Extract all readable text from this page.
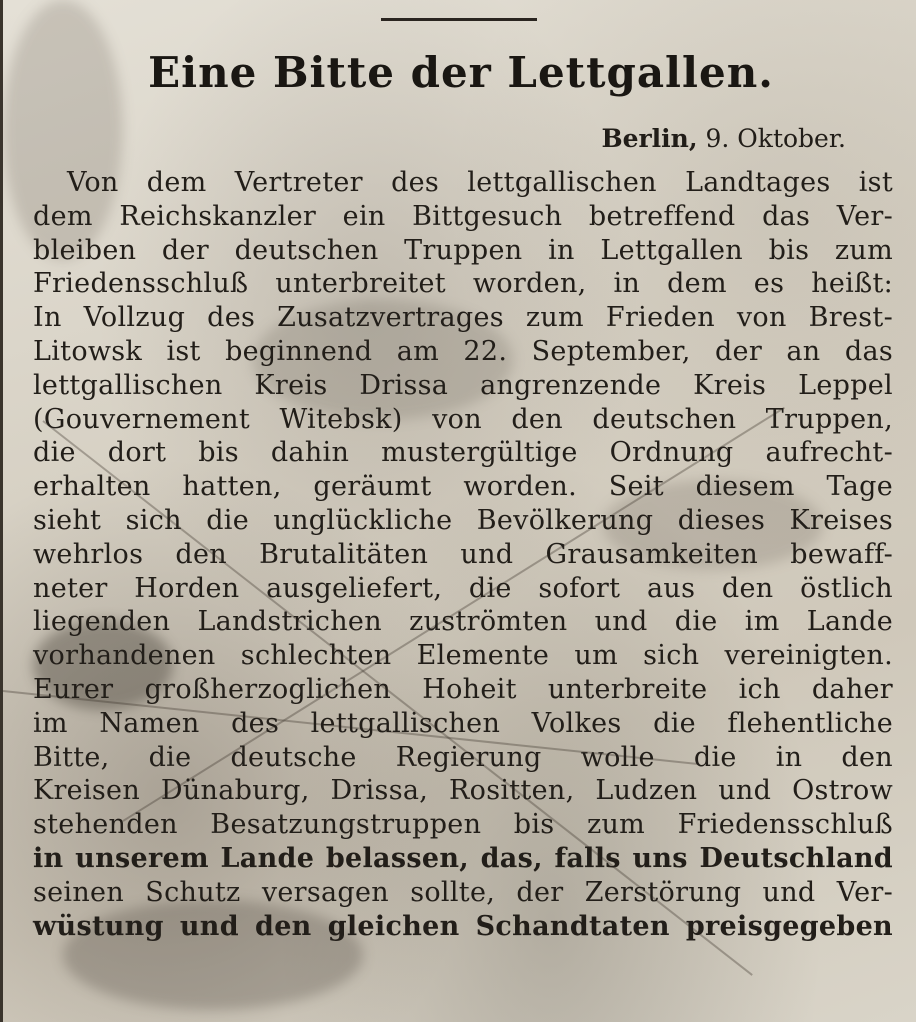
Eine Bitte der Lettgallen.
Berlin, 9. Oktober.
Von dem Vertreter des lettgallischen Landtages ist
dem Reichskanzler ein Bittgesuch betreffend das Ver-
bleiben der deutschen Truppen in Lettgallen bis zum
Friedensschluß unterbreitet worden, in dem es heißt:
In Vollzug des Zusatzvertrages zum Frieden von Brest-
Litowsk ist beginnend am 22. September, der an das
lettgallischen Kreis Drissa angrenzende Kreis Leppel
(Gouvernement Witebsk) von den deutschen Truppen,
die dort bis dahin mustergültige Ordnung aufrecht-
erhalten hatten, geräumt worden. Seit diesem Tage
sieht sich die unglückliche Bevölkerung dieses Kreises
wehrlos den Brutalitäten und Grausamkeiten bewaff-
neter Horden ausgeliefert, die sofort aus den östlich
liegenden Landstrichen zuströmten und die im Lande
vorhandenen schlechten Elemente um sich vereinigten.
Eurer großherzoglichen Hoheit unterbreite ich daher
im Namen des lettgallischen Volkes die flehentliche
Bitte, die deutsche Regierung wolle die in den
Kreisen Dünaburg, Drissa, Rositten, Ludzen und Ostrow
stehenden Besatzungstruppen bis zum Friedensschluß
in unserem Lande belassen, das, falls uns Deutschland
seinen Schutz versagen sollte, der Zerstörung und Ver-
wüstung und den gleichen Schandtaten preisgegeben
